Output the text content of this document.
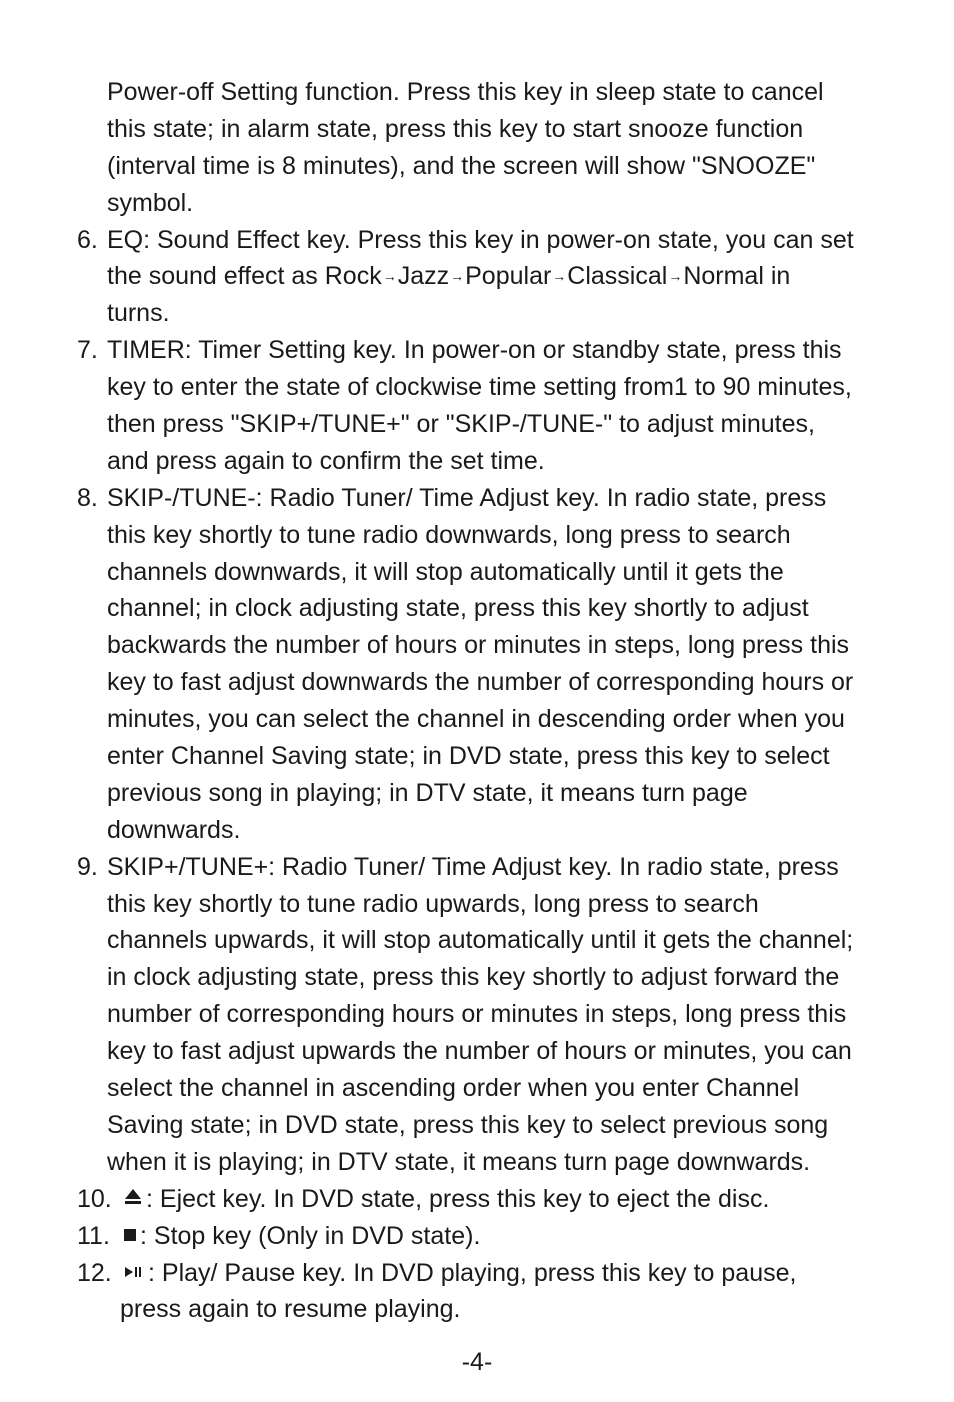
Power-off Setting function. Press this key in sleep state to cancel
this state; in alarm state, press this key to start snooze function
(interval time is 8 minutes), and the screen will show "SNOOZE"
symbol.
6. EQ: Sound Effect key. Press this key in power-on state, you can set
the sound effect as Rock→Jazz→Popular→Classical→Normal in
turns.
7. TIMER: Timer Setting key. In power-on or standby state, press this
key to enter the state of clockwise time setting from1 to 90 minutes,
then press "SKIP+/TUNE+" or "SKIP-/TUNE-" to adjust minutes,
and press again to confirm the set time.
8. SKIP-/TUNE-: Radio Tuner/ Time Adjust key. In radio state, press
this key shortly to tune radio downwards, long press to search
channels downwards, it will stop automatically until it gets the
channel; in clock adjusting state, press this key shortly to adjust
backwards the number of hours or minutes in steps, long press this
key to fast adjust downwards the number of corresponding hours or
minutes, you can select the channel in descending order when you
enter Channel Saving state; in DVD state, press this key to select
previous song in playing; in DTV state, it means turn page
downwards.
9. SKIP+/TUNE+: Radio Tuner/ Time Adjust key. In radio state, press
this key shortly to tune radio upwards, long press to search
channels upwards, it will stop automatically until it gets the channel;
in clock adjusting state, press this key shortly to adjust forward the
number of corresponding hours or minutes in steps, long press this
key to fast adjust upwards the number of hours or minutes, you can
select the channel in ascending order when you enter Channel
Saving state; in DVD state, press this key to select previous song
when it is playing; in DTV state, it means turn page downwards.
10.	: Eject key. In DVD state, press this key to eject the disc.
11.	: Stop key (Only in DVD state).
12.	: Play/ Pause key. In DVD playing, press this key to pause,
press again to resume playing.
-4-
